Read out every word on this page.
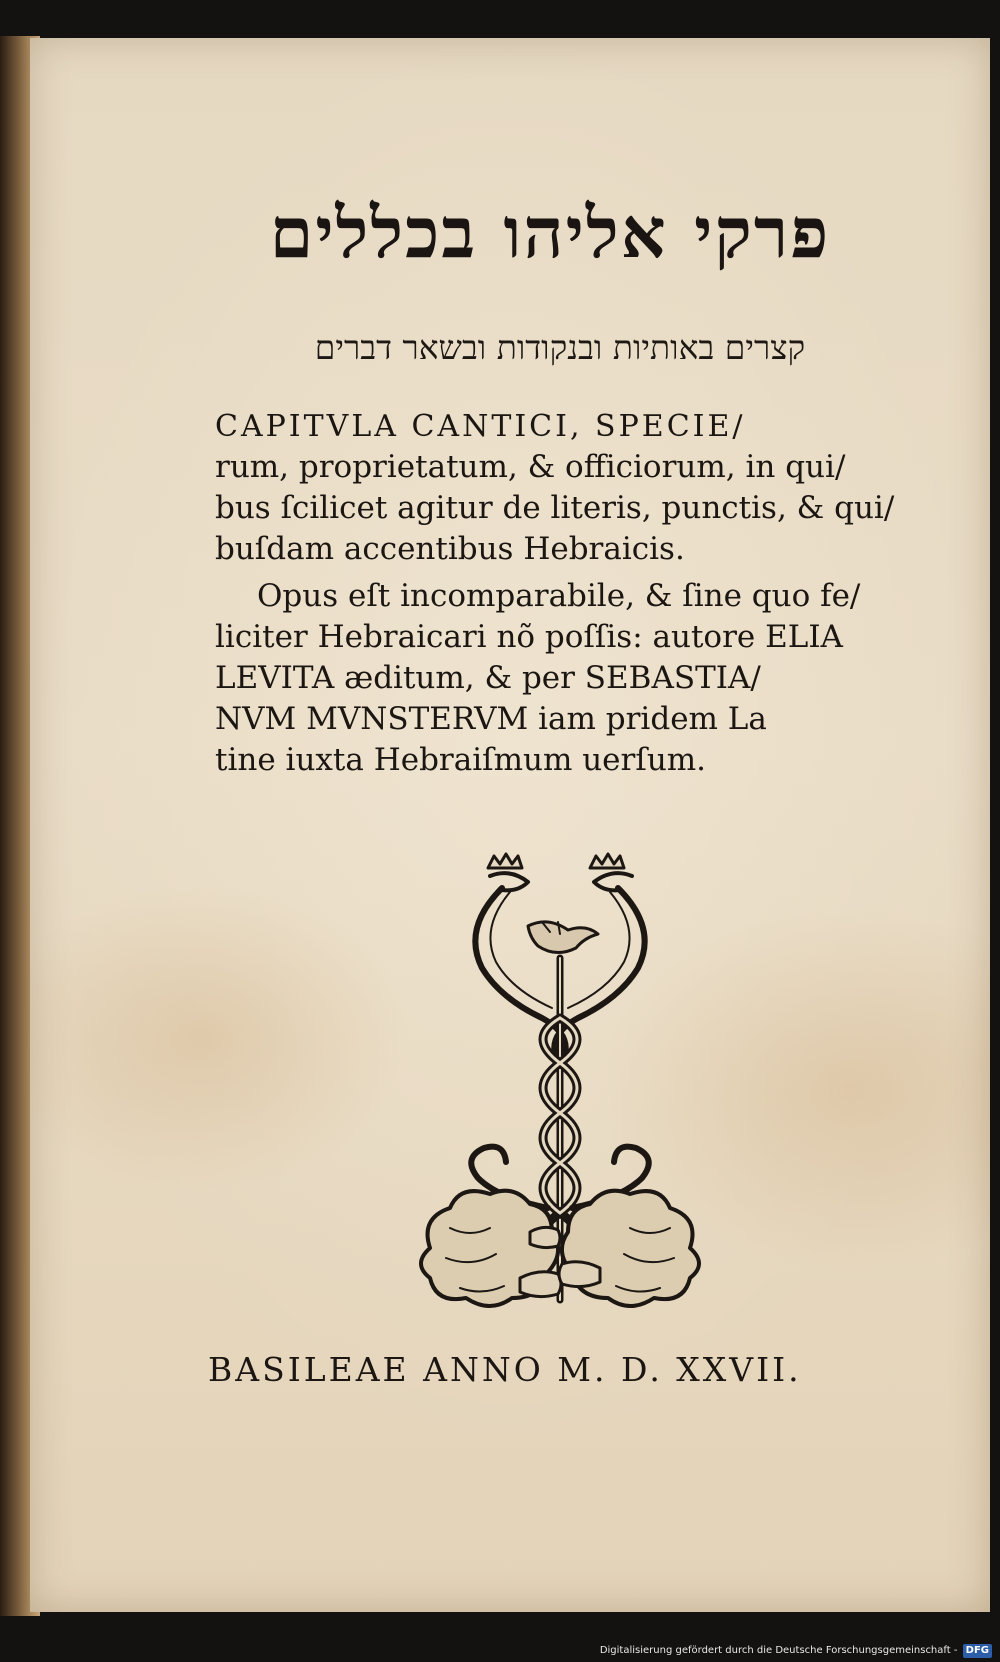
פרקי אליהו בכללים
קצרים באותיות ובנקודות ובשאר דברים
CAPITVLA CANTICI, SPECIE/
rum, proprietatum, & officiorum, in qui/
bus ſcilicet agitur de literis, punctis, & qui/
buſdam accentibus Hebraicis.
Opus eſt incomparabile, & ſine quo fe/
liciter Hebraicari nõ poſſis: autore ELIA
LEVITA æditum, & per SEBASTIA/
NVM MVNSTERVM iam pridem La
tine iuxta Hebraiſmum uerſum.
BASILEAE ANNO M. D. XXVII.
Digitalisierung gefördert durch die Deutsche Forschungsgemeinschaft - DFG
